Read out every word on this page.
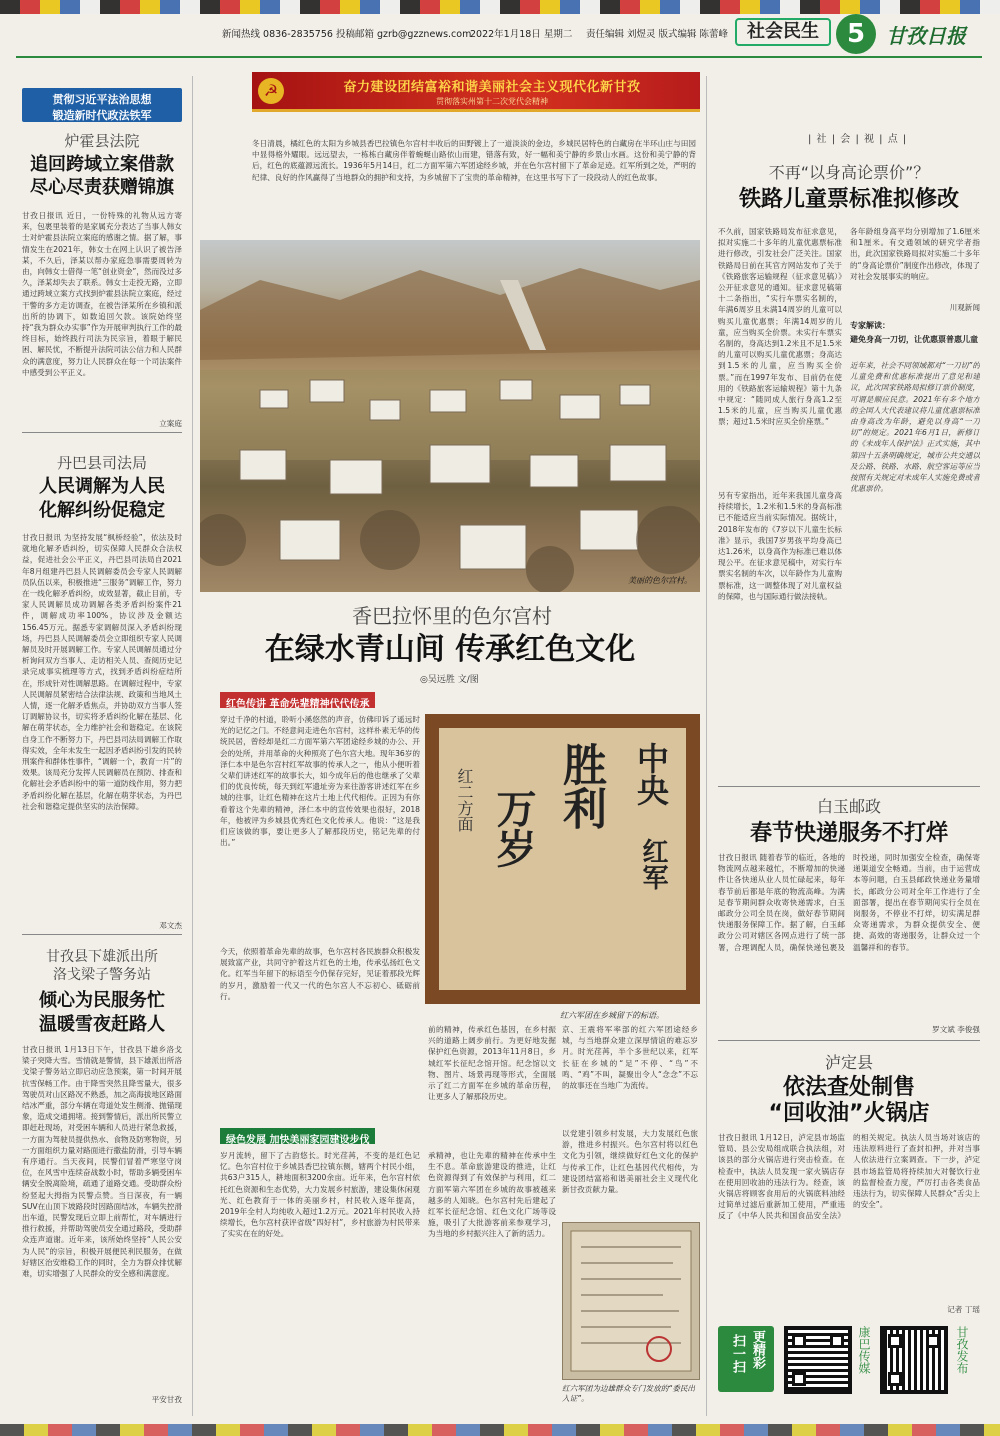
新闻热线 0836-2835756 投稿邮箱 gzrb@gzznews.com
2022年1月18日 星期二 责任编辑 刘煜灵 版式编辑 陈蕾峰	社会民生	5	甘孜日报
☭	奋力建设团结富裕和谐美丽社会主义现代化新甘孜
贯彻落实州第十二次党代会精神
贯彻习近平法治思想
锻造新时代政法铁军
炉霍县法院
追回跨域立案借款
尽心尽责获赠锦旗
甘孜日报讯 近日，一份特殊的礼物从远方寄来，包裹里装着的是家属充分表达了当事人韩女士对炉霍县法院立案庭的感谢之情。据了解，事情发生在2021年，韩女士在网上认识了被告泽某，不久后，泽某以帮办家庭急事需要周转为由，向韩女士借得一笔“创业资金”，然而没过多久，泽某却失去了联系。韩女士走投无路，立即通过跨域立案方式找到炉霍县法院立案庭，经过干警的多方走访调查，在被告泽某所在乡镇和派出所的协调下，如数追回欠款。该院始终坚持“我为群众办实事”作为开展审判执行工作的最终目标，始终践行司法为民宗旨，着眼于解民困、解民忧，不断提升法院司法公信力和人民群众的满意度，努力让人民群众在每一个司法案件中感受到公平正义。
立案庭
丹巴县司法局
人民调解为人民
化解纠纷促稳定
甘孜日报讯 为坚持发展“枫桥经验”，依法及时就地化解矛盾纠纷，切实保障人民群众合法权益，促进社会公平正义，丹巴县司法局自2021年8月组建丹巴县人民调解委员会专家人民调解员队伍以来，积极推进“三服务”调解工作，努力在一线化解矛盾纠纷，成效显著，截止目前，专家人民调解员成功调解各类矛盾纠纷案件21件，调解成功率100%，协议涉及金额达156.45万元。据悉专家调解员深入矛盾纠纷现场，丹巴县人民调解委员会立即组织专家人民调解员及时开展调解工作。专家人民调解员通过分析询问双方当事人、走访相关人员、查阅历史记录完成事实梳理等方式，找到矛盾纠纷症结所在，形成针对性调解思路。在调解过程中，专家人民调解员紧密结合法律法规、政策和当地风土人情，逐一化解矛盾焦点，并协助双方当事人签订调解协议书，切实将矛盾纠纷化解在基层、化解在萌芽状态，全力维护社会和谐稳定。在该院自身工作不断努力下，丹巴县司法局调解工作取得实效，全年未发生一起因矛盾纠纷引发的民转刑案件和群体性事件，“调解一个，教育一片”的效果。该局充分发挥人民调解员在预防、排查和化解社会矛盾纠纷中的第一道防线作用，努力把矛盾纠纷化解在基层，化解在萌芽状态，为丹巴社会和谐稳定提供坚实的法治保障。
邓文杰
甘孜县下雄派出所
洛戈梁子警务站
倾心为民服务忙
温暖雪夜赶路人
甘孜日报讯 1月13日下午，甘孜县下雄乡洛戈梁子突降大雪。雪情就是警情，县下雄派出所洛戈梁子警务站立即启动应急预案，第一时间开展抗雪保畅工作。由于降雪突然且降雪量大，很多驾驶员对山区路况不熟悉，加之高海拔地区路面结冰严重，部分车辆在弯道处发生侧滑、抛锚现象，造成交通拥堵。接到警情后，派出所民警立即赶赴现场，对受困车辆和人员进行紧急救援，一方面为驾驶员提供热水、食物及防寒物资，另一方面组织力量对路面进行撒盐防滑，引导车辆有序通行。当天夜间，民警们冒着严寒坚守岗位，在风雪中连续奋战数小时，帮助多辆受困车辆安全脱离险境，疏通了道路交通。受助群众纷纷竖起大拇指为民警点赞。当日深夜，有一辆SUV在山顶下坡路段时因路面结冰，车辆失控滑出车道，民警发现后立即上前帮忙，对车辆进行推行救援，并帮助驾驶员安全通过路段，受助群众连声道谢。近年来，该所始终坚持“人民公安为人民”的宗旨，积极开展便民利民服务，在做好辖区治安维稳工作的同时，全力为群众排忧解难，切实增强了人民群众的安全感和满意度。
平安甘孜
冬日清晨，橘红色的太阳为乡城县香巴拉镇色尔宫村丰收后的田野镀上了一道淡淡的金边，乡城民居特色的白藏房在半环山庄与田园中显得格外耀眼。远远望去，一栋栋白藏房伴着蜿蜒山路依山而建，错落有致，好一幅和美宁静的乡景山水画。这份和美宁静的背后，红色的底蕴源远流长。1936年5月14日，红二方面军第六军团途经乡城，并在色尔宫村留下了革命足迹。红军所到之处，严明的纪律、良好的作风赢得了当地群众的拥护和支持，为乡城留下了宝贵的革命精神，在这里书写下了一段段动人的红色故事。
美丽的色尔宫村。
香巴拉怀里的色尔宫村
在绿水青山间 传承红色文化
◎吴远胜 文/图
红色传讲 革命先辈精神代代传承
穿过千净的村道，聆听小溪悠然的声音，仿佛印诉了遥远时光的记忆之门。不经意间走进色尔宫村，这样朴素无华的传统民居，曾经却是红二方面军第六军团途经乡城的办公、开会的处所，并用革命的火种照亮了色尔宫大地。现年36岁的泽仁本中是色尔宫村红军故事的传承人之一，他从小便听着父辈们讲述红军的故事长大，如今成年后的他也继承了父辈们的优良传统，每天到红军遗址旁为来往游客讲述红军在乡城的往事，让红色精神在这片土地上代代相传。正因为有你看着这个先辈的精神，泽仁本中的宣传效果也很好，2018年，他被评为乡城县优秀红色文化传承人。他说：“这是我们应该做的事，要让更多人了解那段历史，铭记先辈的付出。”
中央
红军
胜利
万岁
红二方面
红六军团在乡城留下的标语。
今天，依照着革命先辈的故事，色尔宫村各民族群众积极发展致富产业，共同守护着这片红色的土地，传承弘扬红色文化。红军当年留下的标语至今仍保存完好，见证着那段光辉的岁月，激励着一代又一代的色尔宫人不忘初心、砥砺前行。
前的精神，传承红色基因，在乡村振兴的道路上阔步前行。为更好地发掘保护红色资源，2013年11月8日，乡城红军长征纪念馆开馆。纪念馆以文物、图片、场景再现等形式，全面展示了红二方面军在乡城的革命历程，让更多人了解那段历史。
京、王震将军率部的红六军团途经乡城，与当地群众建立深厚情谊的难忘岁月。时光荏苒，半个多世纪以来，红军长征在乡城的“足”不停、“鸟”不鸣、“鸡”不叫，凝聚出令人“念念”不忘的故事还在当地广为流传。
绿色发展 加快美丽家园建设步伐
岁月流转，留下了古韵悠长。时光荏苒，不变的是红色记忆。色尔宫村位于乡城县香巴拉镇东侧，辖两个村民小组，共63户315人，耕地面积3200余亩。近年来，色尔宫村依托红色资源和生态优势，大力发展乡村旅游，建设集休闲观光、红色教育于一体的美丽乡村，村民收入逐年提高，2019年全村人均纯收入超过1.2万元。2021年村民收入持续增长，色尔宫村获评省级“四好村”，乡村旅游为村民带来了实实在在的好处。
承精神，也让先辈的精神在传承中生生不息。革命旅游建设的推进，让红色资源得到了有效保护与利用，红二方面军第六军团在乡城的故事被越来越多的人知晓。色尔宫村先后建起了红军长征纪念馆、红色文化广场等设施，吸引了大批游客前来参观学习，为当地的乡村振兴注入了新的活力。
以党建引领乡村发展，大力发展红色旅游，推进乡村振兴。色尔宫村将以红色文化为引领，继续做好红色文化的保护与传承工作，让红色基因代代相传，为建设团结富裕和谐美丽社会主义现代化新甘孜贡献力量。
红六军团为边雄群众专门发放的“委民出入证”。
| 社 | 会 | 视 | 点 |
不再“以身高论票价”？
铁路儿童票标准拟修改
不久前，国家铁路局发布征求意见，拟对实施二十多年的儿童优惠票标准进行修改，引发社会广泛关注。国家铁路局日前在其官方网站发布了关于《铁路旅客运输规程（征求意见稿）》公开征求意见的通知。征求意见稿第十二条指出，“实行车票实名制的，年满6周岁且未满14周岁的儿童可以购买儿童优惠票；年满14周岁的儿童，应当购买全价票。未实行车票实名制的，身高达到1.2米且不足1.5米的儿童可以购买儿童优惠票；身高达到1.5米的儿童，应当购买全价票。”而在1997年发布、目前仍在使用的《铁路旅客运输规程》第十九条中规定：“随同成人旅行身高1.2至1.5米的儿童，应当购买儿童优惠票；超过1.5米时应买全价座票。”
另有专家指出，近年来我国儿童身高持续增长，1.2米和1.5米的身高标准已不能适应当前实际情况。据统计，2018年发布的《7岁以下儿童生长标准》显示，我国7岁男孩平均身高已达1.26米，以身高作为标准已难以体现公平。在征求意见稿中，对实行车票实名制的车次，以年龄作为儿童购票标准，这一调整体现了对儿童权益的保障，也与国际通行做法接轨。
各年龄组身高平均分别增加了1.6厘米和1厘米。有交通领域的研究学者指出，此次国家铁路局拟对实施二十多年的“身高论票价”制度作出修改，体现了对社会发展事实的响应。
川观新闻
专家解读：
避免身高一刀切，让优惠票普惠儿童
近年来，社会不同领域都对“一刀切”的儿童免费和优惠标准提出了意见和建议，此次国家铁路局拟修订票价制度，可谓是顺应民意。2021年有多个地方的全国人大代表建议将儿童优惠票标准由身高改为年龄，避免以身高“一刀切”的规定。2021年6月1日，新修订的《未成年人保护法》正式实施，其中第四十五条明确规定，城市公共交通以及公路、铁路、水路、航空客运等应当按照有关规定对未成年人实施免费或者优惠票价。
白玉邮政
春节快递服务不打烊
甘孜日报讯 随着春节的临近，各地的物流网点越来越忙，不断增加的快递件让各快递从业人员忙碌起来，每年春节前后都是年底的物流高峰。为满足春节期间群众收寄快递需求，白玉邮政分公司全员在岗，做好春节期间快递服务保障工作。据了解，白玉邮政分公司对辖区各网点进行了统一部署，合理调配人员，确保快递包裹及时投递，同时加强安全检查，确保寄递渠道安全畅通。当前，由于运营成本等问题，白玉县邮政快递业务量增长，邮政分公司对全年工作进行了全面部署，提出在春节期间实行全员在岗服务，不停业不打烊，切实满足群众寄递需求，为群众提供安全、便捷、高效的寄递服务，让群众过一个温馨祥和的春节。
罗文斌 李俊强
泸定县
依法查处制售
“回收油”火锅店
甘孜日报讯 1月12日，泸定县市场监管局、县公安局组成联合执法组，对该县的部分火锅店进行突击检查。在检查中，执法人员发现一家火锅店存在使用回收油的违法行为。经查，该火锅店将顾客食用后的火锅底料油经过简单过滤后重新加工使用，严重违反了《中华人民共和国食品安全法》的相关规定。执法人员当场对该店的违法原料进行了查封扣押，并对当事人依法进行立案调查。下一步，泸定县市场监管局将持续加大对餐饮行业的监督检查力度，严厉打击各类食品违法行为，切实保障人民群众“舌尖上的安全”。
记者 丁瑶
扫一扫 更精彩	康巴传媒	甘孜发布
